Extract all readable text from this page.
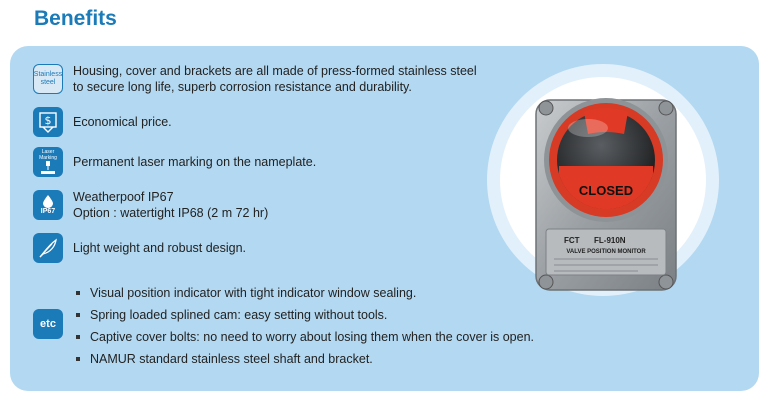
Benefits
Stainless steel
Housing, cover and brackets are all made of press-formed stainless steel
to secure long life, superb corrosion resistance and durability.
$ Economical price.
Laser Marking	Permanent laser marking on the nameplate.
IP67
Weatherpoof IP67
Option : watertight IP68 (2 m 72 hr)
Light weight and robust design.
etc
Visual position indicator with tight indicator window sealing.
Spring loaded splined cam: easy setting without tools.
Captive cover bolts: no need to worry about losing them when the cover is open.
NAMUR standard stainless steel shaft and bracket.
CLOSED
FCT FL-910N
VALVE POSITION MONITOR
